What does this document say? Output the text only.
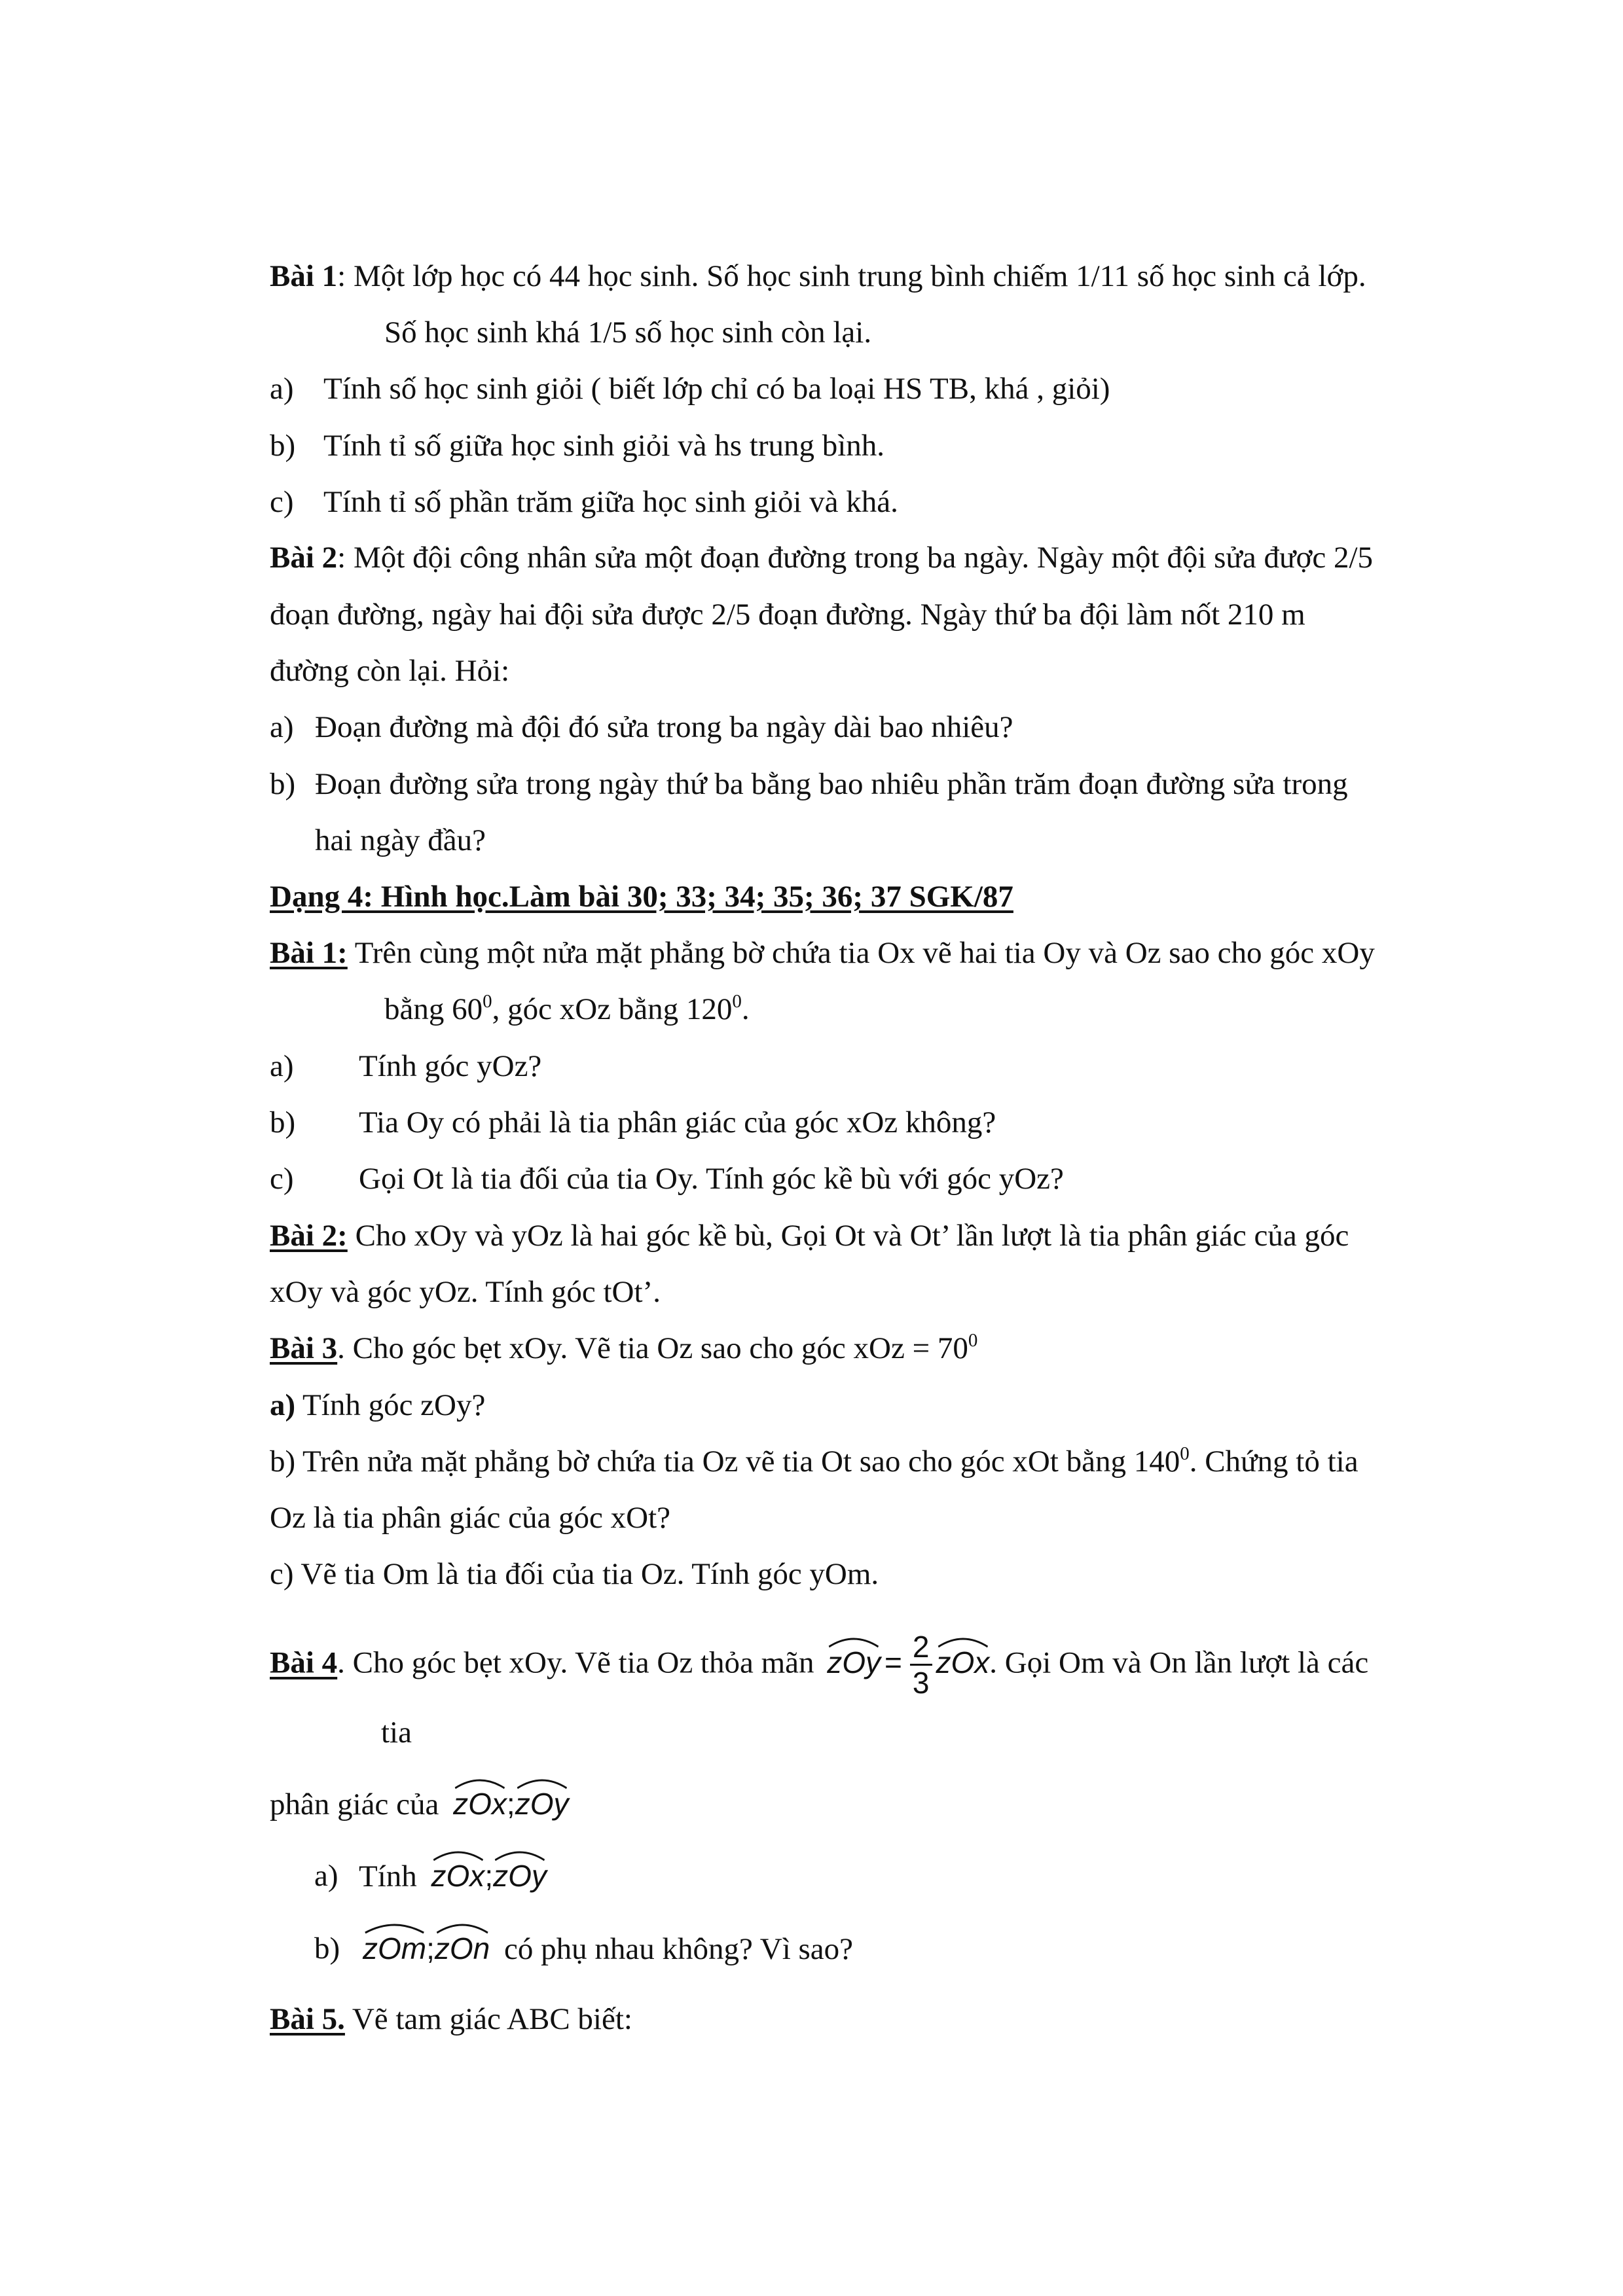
Bài 1: Một lớp học có 44 học sinh. Số học sinh trung bình chiếm 1/11 số học sinh cả lớp.
Số học sinh khá 1/5 số học sinh còn lại.
a) Tính số học sinh giỏi ( biết lớp chỉ có ba loại HS TB, khá , giỏi)
b) Tính tỉ số giữa học sinh giỏi và hs trung bình.
c) Tính tỉ số phần trăm giữa học sinh giỏi và khá.
Bài 2: Một đội công nhân sửa một đoạn đường trong ba ngày. Ngày một đội sửa được 2/5
đoạn đường, ngày hai đội sửa được 2/5 đoạn đường. Ngày thứ ba đội làm nốt 210 m
đường còn lại. Hỏi:
a) Đoạn đường mà đội đó sửa trong ba ngày dài bao nhiêu?
b) Đoạn đường sửa trong ngày thứ ba bằng bao nhiêu phần trăm đoạn đường sửa trong
hai ngày đầu?
Dạng 4: Hình học.Làm bài 30; 33; 34; 35; 36; 37 SGK/87
Bài 1: Trên cùng một nửa mặt phẳng bờ chứa tia Ox vẽ hai tia Oy và Oz sao cho góc xOy
bằng $60^0$, góc xOz bằng $120^0$.
a) Tính góc yOz?
b) Tia Oy có phải là tia phân giác của góc xOz không?
c) Gọi Ot là tia đối của tia Oy. Tính góc kề bù với góc yOz?
Bài 2: Cho xOy và yOz là hai góc kề bù, Gọi Ot và Ot’ lần lượt là tia phân giác của góc
xOy và góc yOz. Tính góc tOt’.
Bài 3. Cho góc bẹt xOy. Vẽ tia Oz sao cho góc xOz = $70^0$
a) Tính góc zOy?
b) Trên nửa mặt phẳng bờ chứa tia Oz vẽ tia Ot sao cho góc xOt bằng $140^0$. Chứng tỏ tia
Oz là tia phân giác của góc xOt?
c) Vẽ tia Om là tia đối của tia Oz. Tính góc yOm.
Bài 4. Cho góc bẹt xOy. Vẽ tia Oz thỏa mãn zOy = $\frac{2}{3}$ zOx. Gọi Om và On lần lượt là các
tia
phân giác của zOx;
zOy
a) Tính zOx;
zOy
b) zOm;
zOn có phụ nhau không? Vì sao?
Bài 5. Vẽ tam giác ABC biết:
